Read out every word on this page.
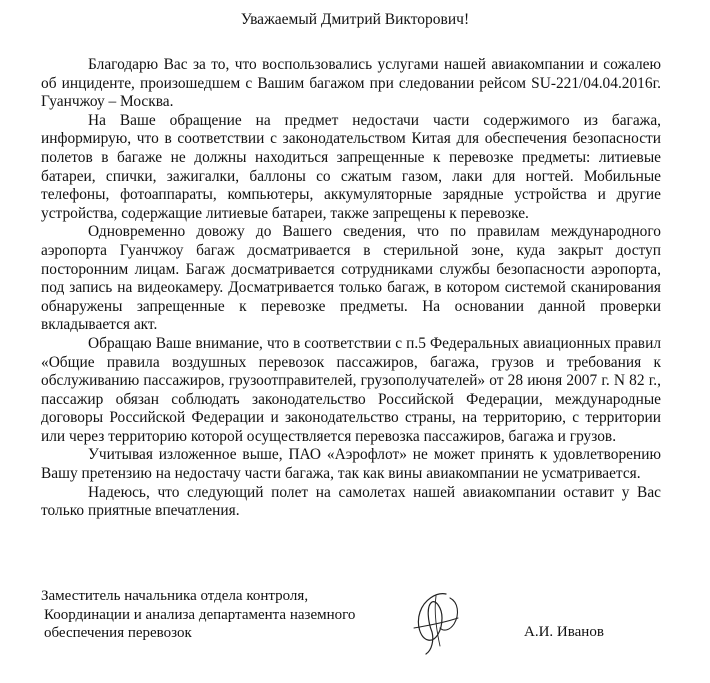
Уважаемый Дмитрий Викторович!

Благодарю Вас за то, что воспользовались услугами нашей авиакомпании и сожалею об инциденте, произошедшем с Вашим багажом при следовании рейсом SU-221/04.04.2016г. Гуанчжоу – Москва.

На Ваше обращение на предмет недостачи части содержимого из багажа, информирую, что в соответствии с законодательством Китая для обеспечения безопасности полетов в багаже не должны находиться запрещенные к перевозке предметы: литиевые батареи, спички, зажигалки, баллоны со сжатым газом, лаки для ногтей. Мобильные телефоны, фотоаппараты, компьютеры, аккумуляторные зарядные устройства и другие устройства, содержащие литиевые батареи, также запрещены к перевозке.

Одновременно довожу до Вашего сведения, что по правилам международного аэропорта Гуанчжоу багаж досматривается в стерильной зоне, куда закрыт доступ посторонним лицам. Багаж досматривается сотрудниками службы безопасности аэропорта, под запись на видеокамеру. Досматривается только багаж, в котором системой сканирования обнаружены запрещенные к перевозке предметы. На основании данной проверки вкладывается акт.

Обращаю Ваше внимание, что в соответствии с п.5 Федеральных авиационных правил «Общие правила воздушных перевозок пассажиров, багажа, грузов и требования к обслуживанию пассажиров, грузоотправителей, грузополучателей» от 28 июня 2007 г. N 82 г., пассажир обязан соблюдать законодательство Российской Федерации, международные договоры Российской Федерации и законодательство страны, на территорию, с территории или через территорию которой осуществляется перевозка пассажиров, багажа и грузов.

Учитывая изложенное выше, ПАО «Аэрофлот» не может принять к удовлетворению Вашу претензию на недостачу части багажа, так как вины авиакомпании не усматривается.

Надеюсь, что следующий полет на самолетах нашей авиакомпании оставит у Вас только приятные впечатления.

Заместитель начальника отдела контроля,
Координации и анализа департамента наземного
обеспечения перевозок	А.И. Иванов
